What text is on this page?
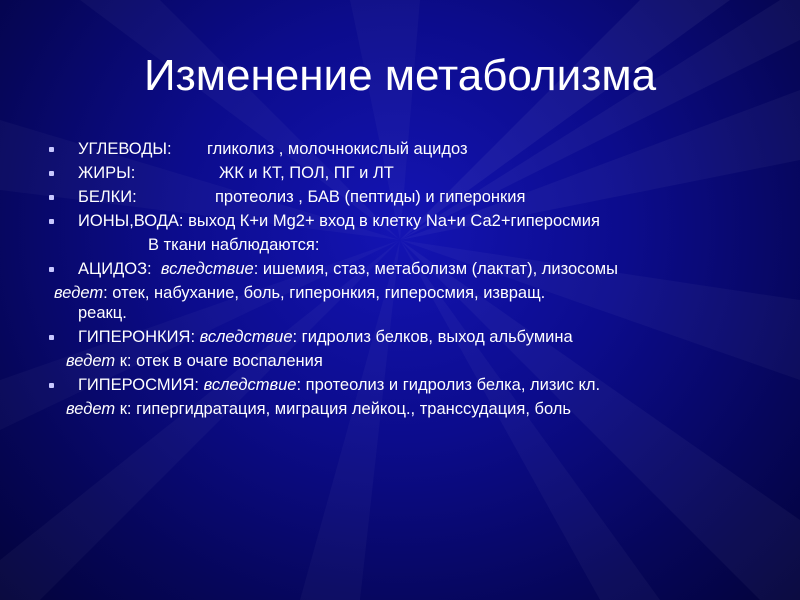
Изменение метаболизма
УГЛЕВОДЫ: гликолиз , молочнокислый ацидоз
ЖИРЫ:	ЖК и КТ, ПОЛ, ПГ и ЛТ
БЕЛКИ:	протеолиз , БАВ (пептиды) и гиперонкия
ИОНЫ,ВОДА: выход К+и Мg2+ вход в клетку Na+и Са2+гиперосмия
В ткани наблюдаются:
АЦИДОЗ: вследствие: ишемия, стаз, метаболизм (лактат), лизосомы
ведет: отек, набухание, боль, гиперонкия, гиперосмия, извращ.
реакц.
ГИПЕРОНКИЯ: вследствие: гидролиз белков, выход альбумина
ведет к: отек в очаге воспаления
ГИПЕРОСМИЯ: вследствие: протеолиз и гидролиз белка, лизис кл.
ведет к: гипергидратация, миграция лейкоц., транссудация, боль
